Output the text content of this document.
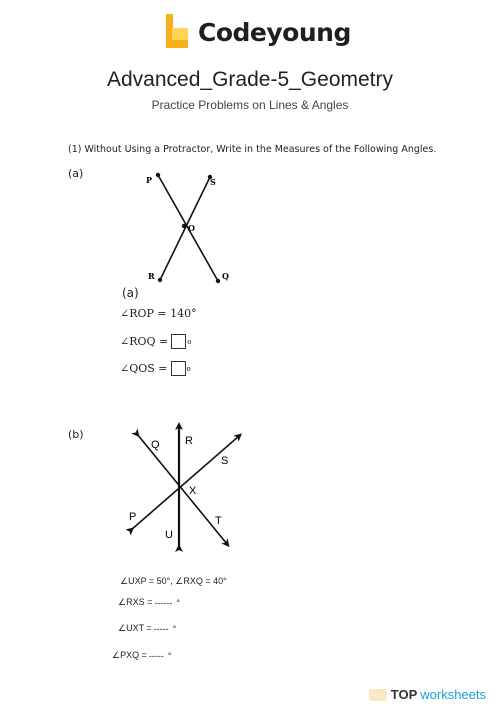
Codeyoung
Advanced_Grade-5_Geometry
Practice Problems on Lines & Angles
(1) Without Using a Protractor, Write in the Measures of the Following Angles.
(a)	P	S
O
R	Q
(a)
∠ROP = 140°
∠ROQ =	o
∠QOS =	o
(b)
Q R
S
X
P	T
U
∠UXP = 50°, ∠RXQ = 40°
∠RXS = ------ °
∠UXT = ----- °
∠PXQ = ----- °
TOP worksheets
